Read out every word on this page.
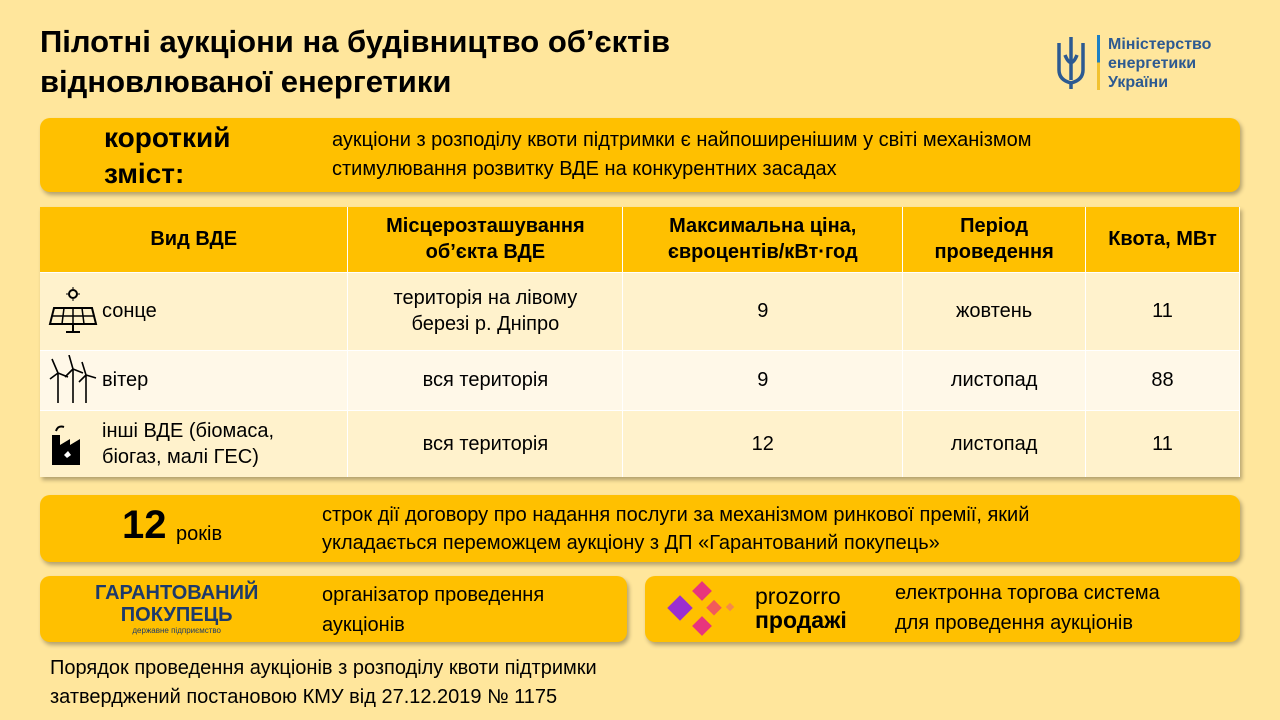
Пілотні аукціони на будівництво об’єктів
відновлюваної енергетики
Міністерство
енергетики
України
короткий
зміст:
аукціони з розподілу квоти підтримки є найпоширенішим у світі механізмом
стимулювання розвитку ВДЕ на конкурентних засадах
Вид ВДЕ	Місцерозташування об’єкта ВДЕ	Максимальна ціна, євроцентів/кВт·год	Період проведення	Квота, МВт

сонце	територія на лівому березі р. Дніпро	9	жовтень	11

вітер	вся територія	9	листопад	88

інші ВДЕ (біомаса, біогаз, малі ГЕС)	вся територія	12	листопад	11
12 років
строк дії договору про надання послуги за механізмом ринкової премії, який
укладається переможцем аукціону з ДП «Гарантований покупець»
ГАРАНТОВАНИЙ
ПОКУПЕЦЬ
державне підприємство
організатор проведення
аукціонів
prozorro
продажі
електронна торгова система
для проведення аукціонів
Порядок проведення аукціонів з розподілу квоти підтримки
затверджений постановою КМУ від 27.12.2019 № 1175
